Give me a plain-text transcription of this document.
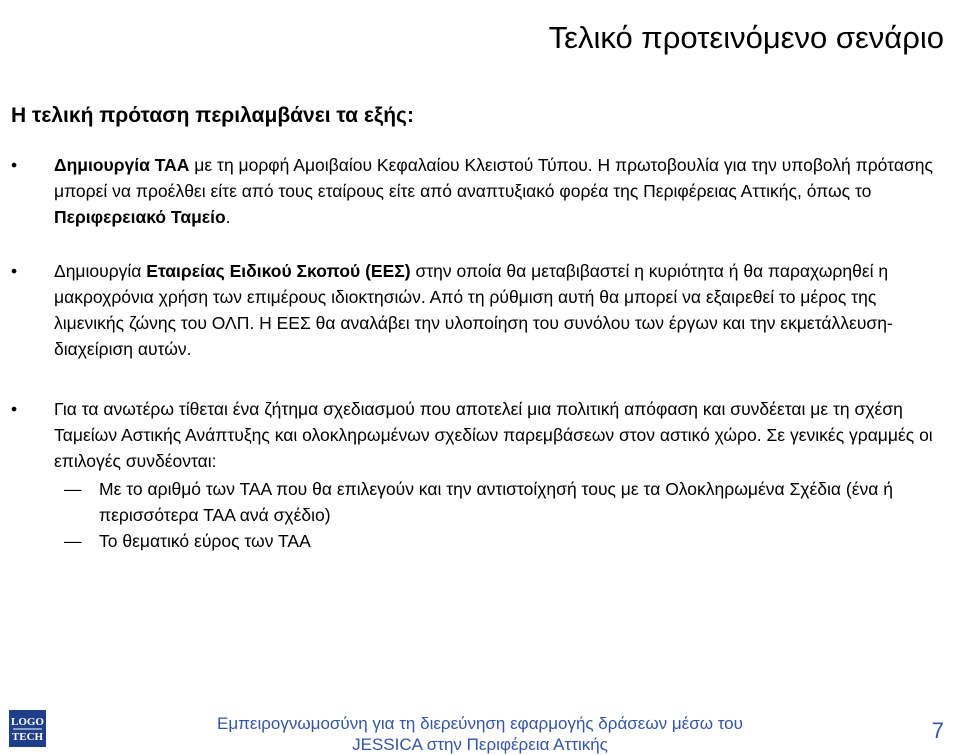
Τελικό προτεινόμενο σενάριο
Η τελική πρόταση περιλαμβάνει τα εξής:
•	Δημιουργία ΤΑΑ με τη μορφή Αμοιβαίου Κεφαλαίου Κλειστού Τύπου. Η πρωτοβουλία για την υποβολή πρότασης μπορεί να προέλθει είτε από τους εταίρους είτε από αναπτυξιακό φορέα της Περιφέρειας Αττικής, όπως το Περιφερειακό Ταμείο.
•	Δημιουργία Εταιρείας Ειδικού Σκοπού (ΕΕΣ) στην οποία θα μεταβιβαστεί η κυριότητα ή θα παραχωρηθεί η μακροχρόνια χρήση των επιμέρους ιδιοκτησιών. Από τη ρύθμιση αυτή θα μπορεί να εξαιρεθεί το μέρος της λιμενικής ζώνης του ΟΛΠ. Η ΕΕΣ θα αναλάβει την υλοποίηση του συνόλου των έργων και την εκμετάλλευση-διαχείριση αυτών.
•	Για τα ανωτέρω τίθεται ένα ζήτημα σχεδιασμού που αποτελεί μια πολιτική απόφαση και συνδέεται με τη σχέση Ταμείων Αστικής Ανάπτυξης και ολοκληρωμένων σχεδίων παρεμβάσεων στον αστικό χώρο. Σε γενικές γραμμές οι επιλογές συνδέονται:
—	Με το αριθμό των ΤΑΑ που θα επιλεγούν και την αντιστοίχησή τους με τα Ολοκληρωμένα Σχέδια (ένα ή περισσότερα ΤΑΑ ανά σχέδιο)
—	Το θεματικό εύρος των ΤΑΑ
LOGO
TECH
Εμπειρογνωμοσύνη για τη διερεύνηση εφαρμογής δράσεων μέσω του
JESSICA στην Περιφέρεια Αττικής
7
